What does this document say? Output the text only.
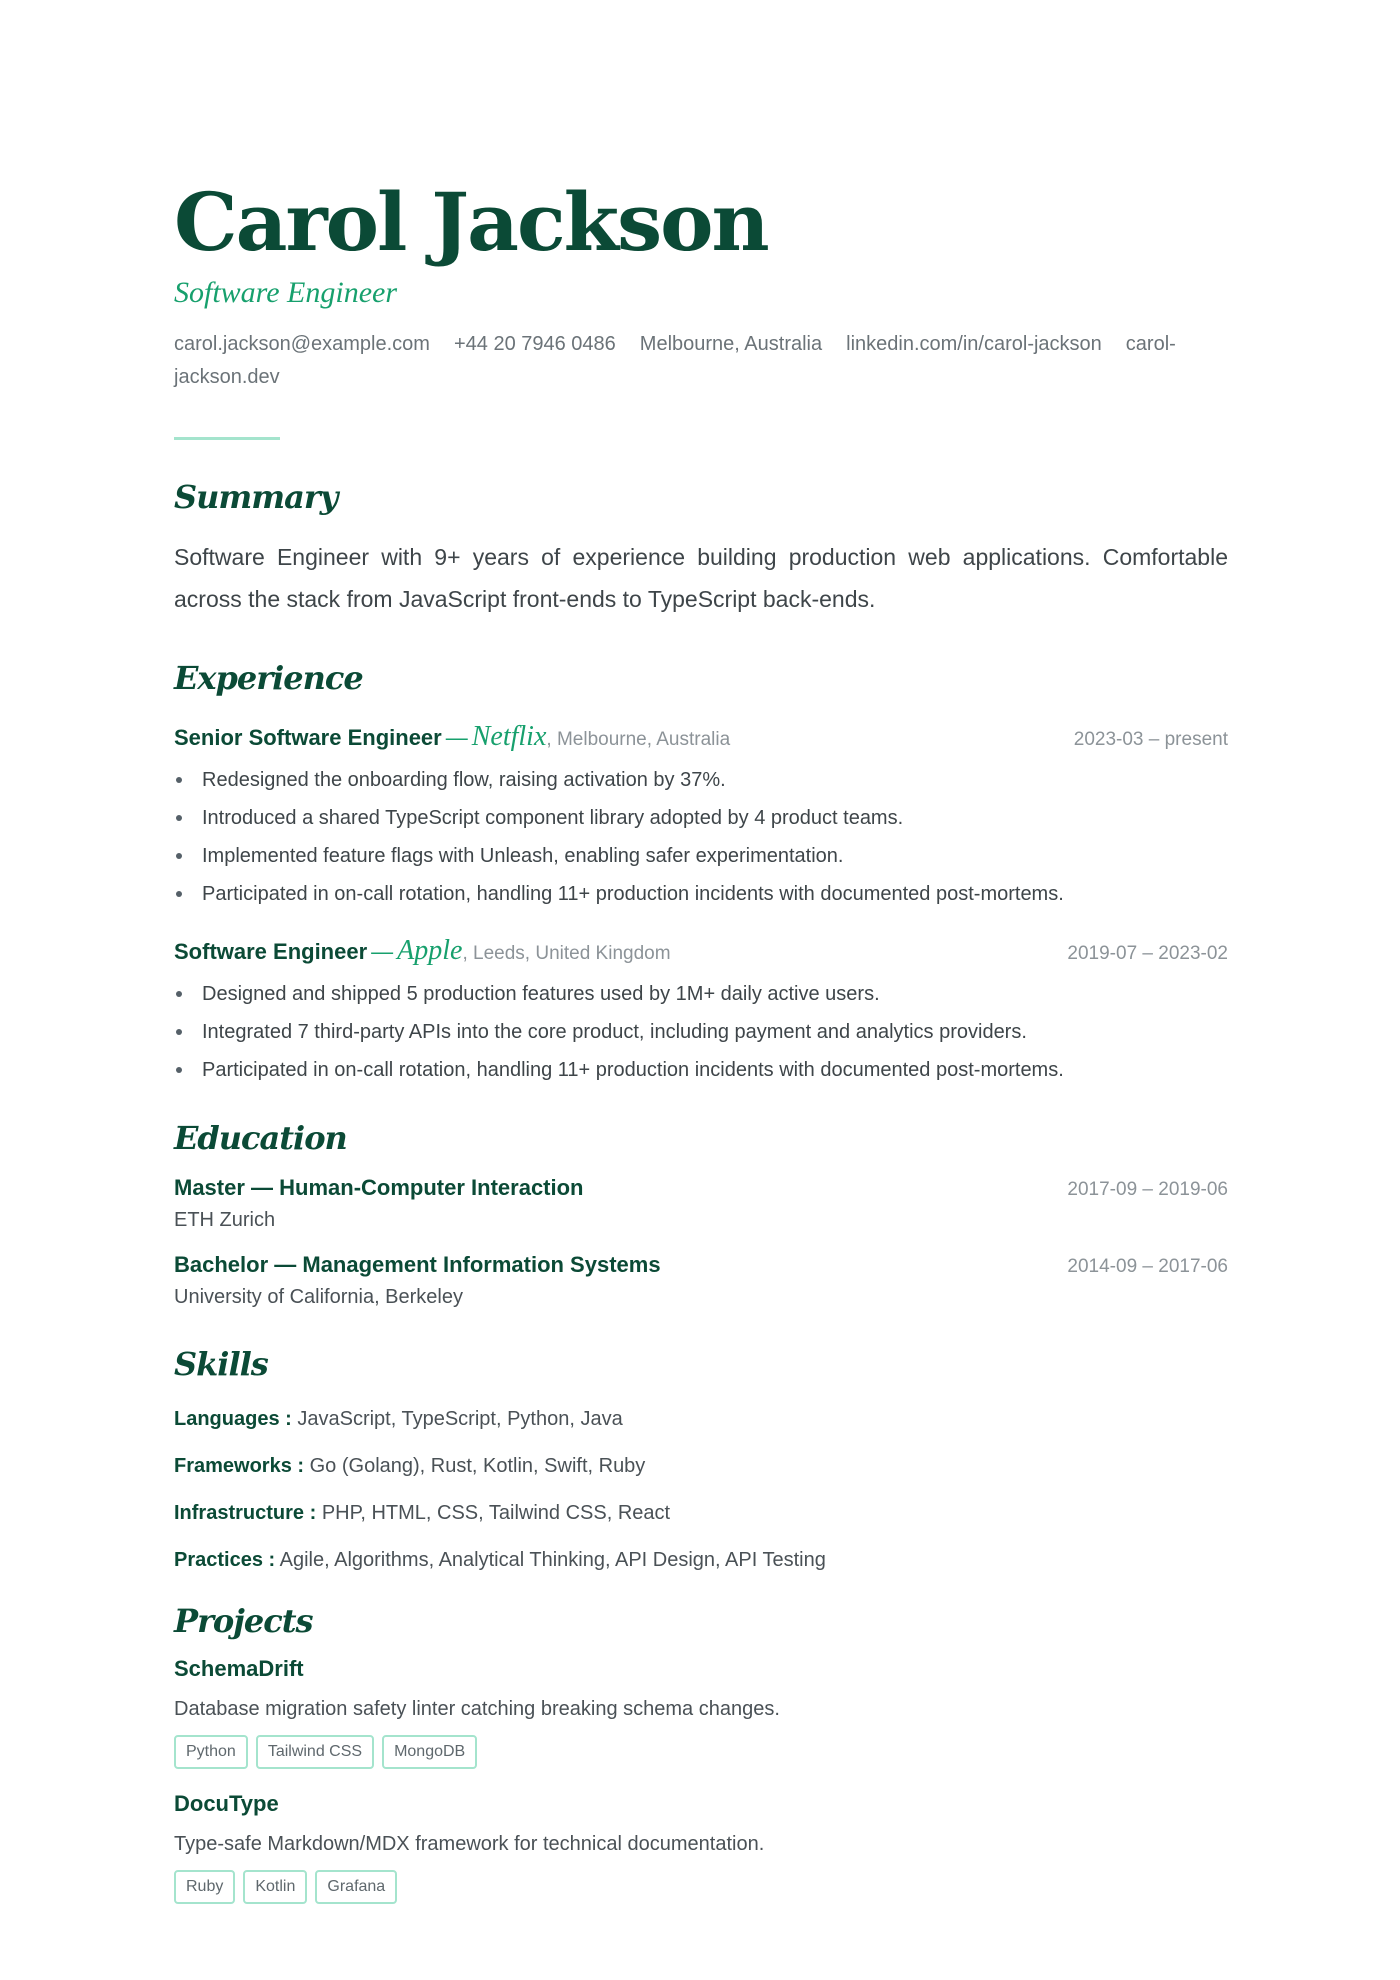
Carol Jackson
Software Engineer
carol.jackson@example.com +44 20 7946 0486 Melbourne, Australia linkedin.com/in/carol-jackson carol-jackson.dev
Summary
Software Engineer with 9+ years of experience building production web applications. Comfortable across the stack from JavaScript front-ends to TypeScript back-ends.
Experience
Senior Software Engineer — Netflix, Melbourne, Australia	2023-03 – present
Redesigned the onboarding flow, raising activation by 37%.
Introduced a shared TypeScript component library adopted by 4 product teams.
Implemented feature flags with Unleash, enabling safer experimentation.
Participated in on-call rotation, handling 11+ production incidents with documented post-mortems.
Software Engineer — Apple, Leeds, United Kingdom	2019-07 – 2023-02
Designed and shipped 5 production features used by 1M+ daily active users.
Integrated 7 third-party APIs into the core product, including payment and analytics providers.
Participated in on-call rotation, handling 11+ production incidents with documented post-mortems.
Education
Master — Human-Computer Interaction	2017-09 – 2019-06
ETH Zurich
Bachelor — Management Information Systems	2014-09 – 2017-06
University of California, Berkeley
Skills
Languages : JavaScript, TypeScript, Python, Java
Frameworks : Go (Golang), Rust, Kotlin, Swift, Ruby
Infrastructure : PHP, HTML, CSS, Tailwind CSS, React
Practices : Agile, Algorithms, Analytical Thinking, API Design, API Testing
Projects
SchemaDrift
Database migration safety linter catching breaking schema changes.
Python	Tailwind CSS	MongoDB
DocuType
Type-safe Markdown/MDX framework for technical documentation.
Ruby	Kotlin	Grafana
